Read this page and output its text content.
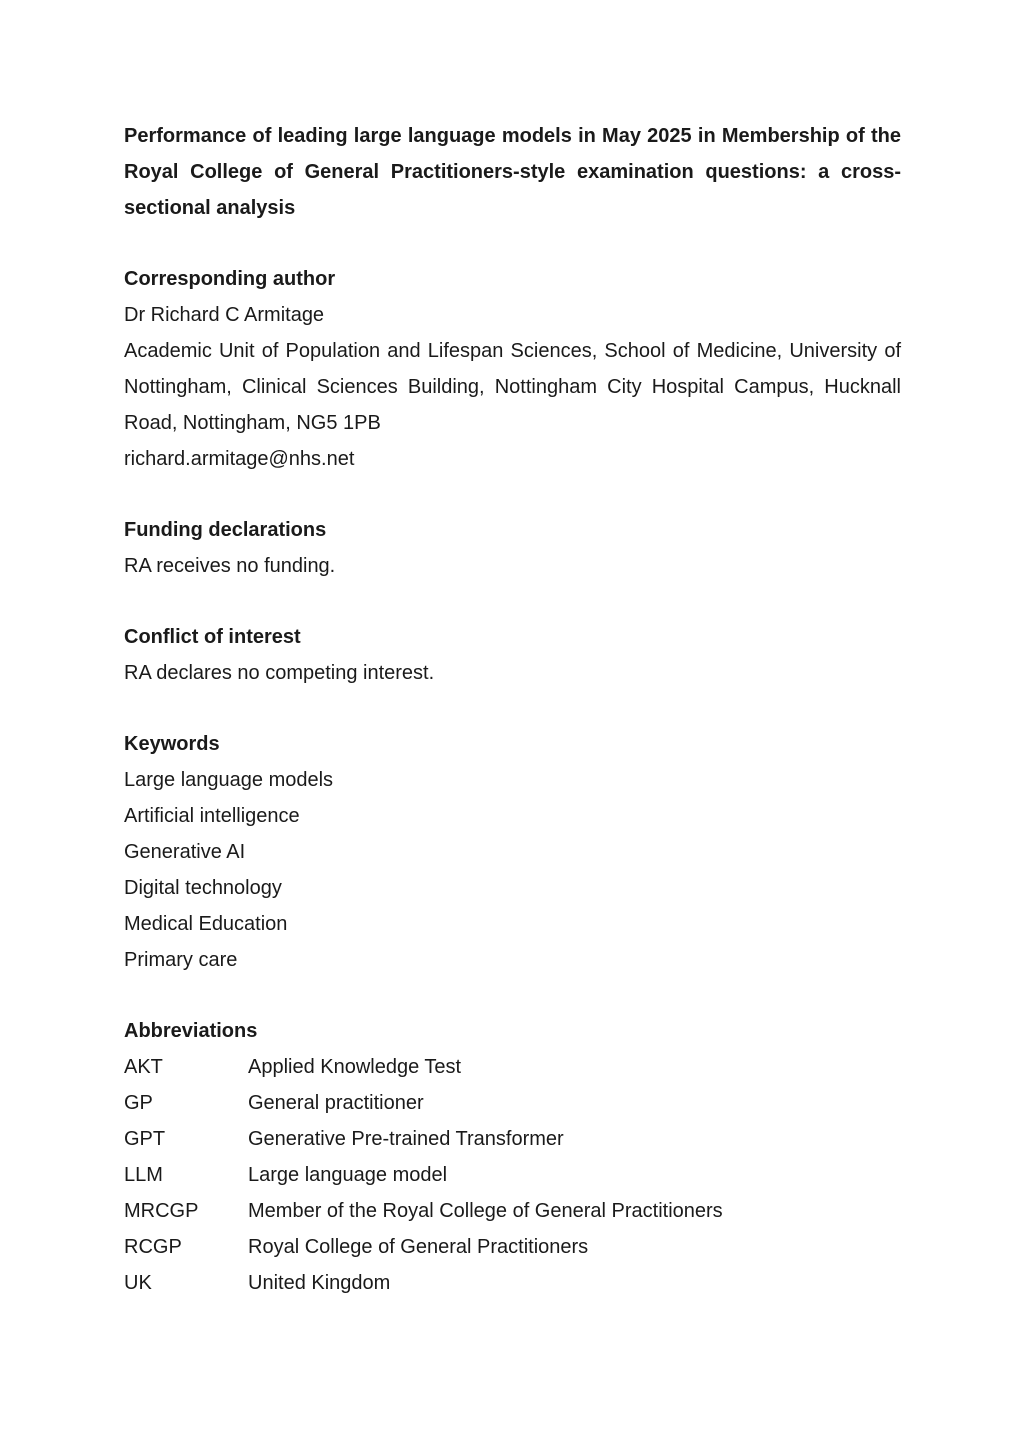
Performance of leading large language models in May 2025 in Membership of the Royal College of General Practitioners-style examination questions: a cross-sectional analysis

Corresponding author

Dr Richard C Armitage

Academic Unit of Population and Lifespan Sciences, School of Medicine, University of Nottingham, Clinical Sciences Building, Nottingham City Hospital Campus, Hucknall Road, Nottingham, NG5 1PB

richard.armitage@nhs.net

Funding declarations

RA receives no funding.

Conflict of interest

RA declares no competing interest.

Keywords

Large language models

Artificial intelligence

Generative AI

Digital technology

Medical Education

Primary care

Abbreviations

AKT	Applied Knowledge Test
GP	General practitioner
GPT	Generative Pre-trained Transformer
LLM	Large language model
MRCGP	Member of the Royal College of General Practitioners
RCGP	Royal College of General Practitioners
UK	United Kingdom
